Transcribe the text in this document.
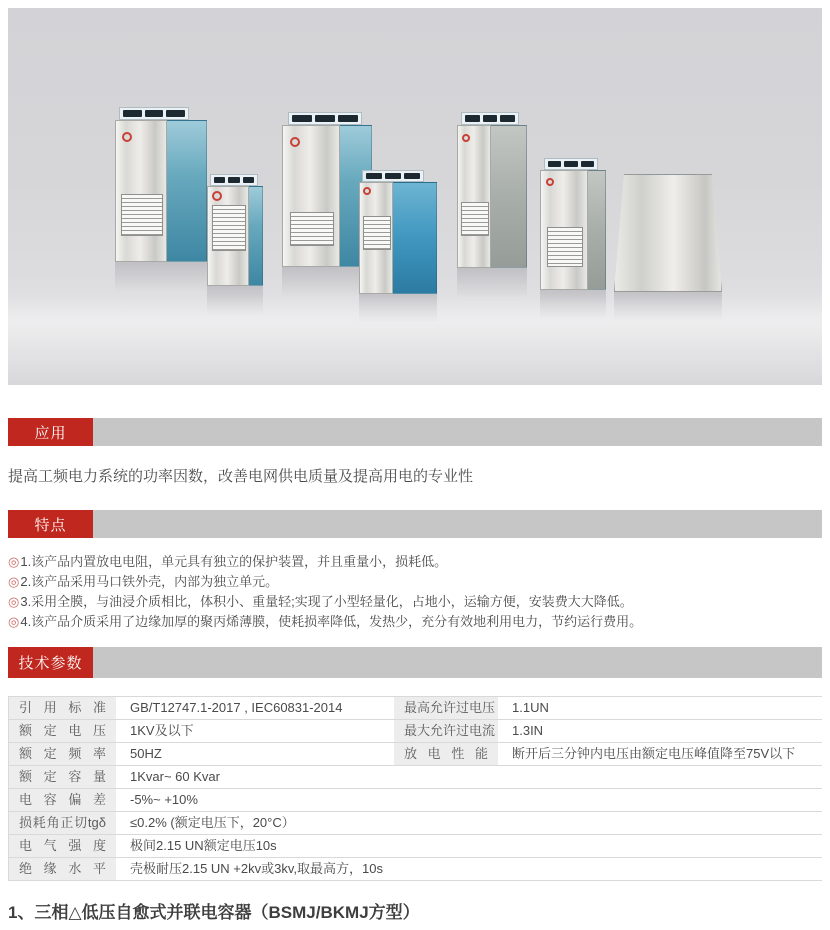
应用
提高工频电力系统的功率因数，改善电网供电质量及提高用电的专业性
特点
◎1.该产品内置放电电阻，单元具有独立的保护装置，并且重量小，损耗低。
◎2.该产品采用马口铁外壳，内部为独立单元。
◎3.采用全膜，与油浸介质相比，体积小、重量轻;实现了小型轻量化，占地小，运输方便，安装费大大降低。
◎4.该产品介质采用了边缘加厚的聚丙烯薄膜，使耗损率降低，发热少，充分有效地利用电力，节约运行费用。
技术参数
引 用 标 准	GB/T12747.1-2017 , IEC60831-2014	最高允许过电压	1.1UN
额 定 电 压	1KV及以下	最大允许过电流	1.3IN
额 定 频 率	50HZ	放 电 性 能	断开后三分钟内电压由额定电压峰值降至75V以下
额 定 容 量	1Kvar~ 60 Kvar
电 容 偏 差	-5%~ +10%
损耗角正切tgδ	≤0.2% (额定电压下，20°C）
电 气 强 度	极间2.15 UN额定电压10s
绝 缘 水 平	壳极耐压2.15 UN +2kv或3kv,取最高方，10s
1、三相△低压自愈式并联电容器（BSMJ/BKMJ方型）
